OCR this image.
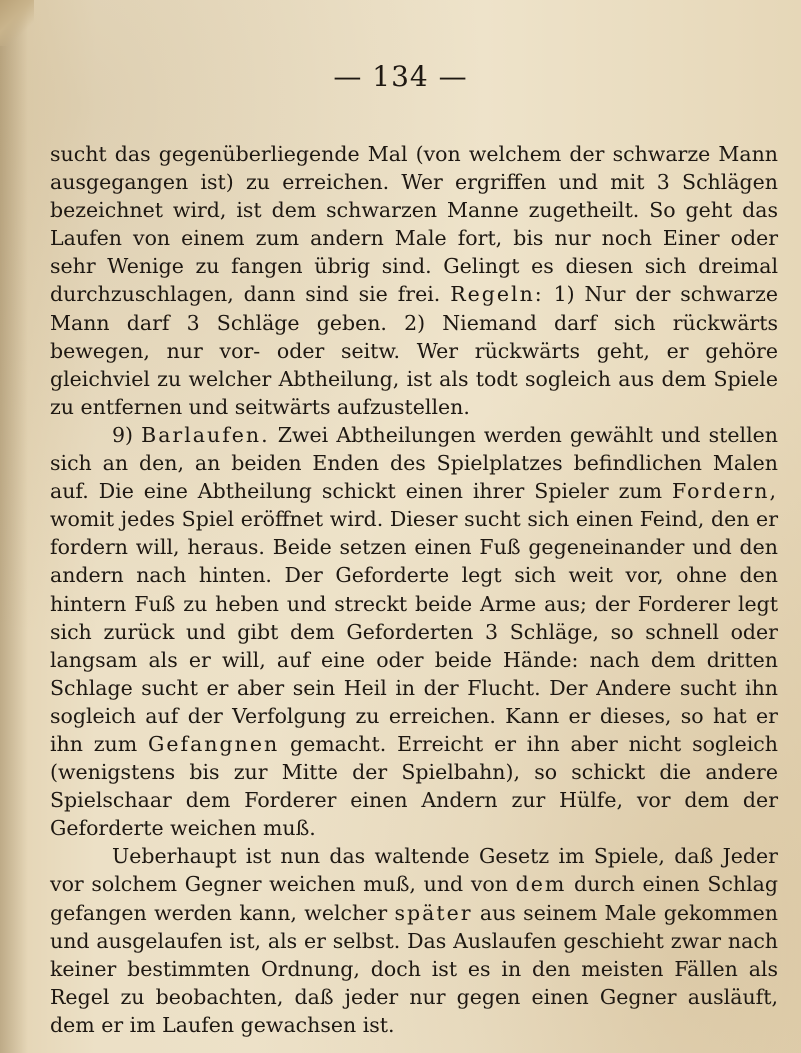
— 134 —

sucht das gegenüberliegende Mal (von welchem der schwarze Mann ausgegangen ist) zu erreichen. Wer ergriffen und mit 3 Schlägen bezeichnet wird, ist dem schwarzen Manne zugetheilt. So geht das Laufen von einem zum andern Male fort, bis nur noch Einer oder sehr Wenige zu fangen übrig sind. Gelingt es diesen sich dreimal durchzuschlagen, dann sind sie frei. Regeln: 1) Nur der schwarze Mann darf 3 Schläge geben. 2) Niemand darf sich rückwärts bewegen, nur vor- oder seitw. Wer rückwärts geht, er gehöre gleichviel zu welcher Abtheilung, ist als todt sogleich aus dem Spiele zu entfernen und seitwärts aufzustellen.

9) Barlaufen. Zwei Abtheilungen werden gewählt und stellen sich an den, an beiden Enden des Spielplatzes befindlichen Malen auf. Die eine Abtheilung schickt einen ihrer Spieler zum Fordern, womit jedes Spiel eröffnet wird. Dieser sucht sich einen Feind, den er fordern will, heraus. Beide setzen einen Fuß gegeneinander und den andern nach hinten. Der Geforderte legt sich weit vor, ohne den hintern Fuß zu heben und streckt beide Arme aus; der Forderer legt sich zurück und gibt dem Geforderten 3 Schläge, so schnell oder langsam als er will, auf eine oder beide Hände: nach dem dritten Schlage sucht er aber sein Heil in der Flucht. Der Andere sucht ihn sogleich auf der Verfolgung zu erreichen. Kann er dieses, so hat er ihn zum Gefangnen gemacht. Erreicht er ihn aber nicht sogleich (wenigstens bis zur Mitte der Spielbahn), so schickt die andere Spielschaar dem Forderer einen Andern zur Hülfe, vor dem der Geforderte weichen muß.

Ueberhaupt ist nun das waltende Gesetz im Spiele, daß Jeder vor solchem Gegner weichen muß, und von dem durch einen Schlag gefangen werden kann, welcher später aus seinem Male gekommen und ausgelaufen ist, als er selbst. Das Auslaufen geschieht zwar nach keiner bestimmten Ordnung, doch ist es in den meisten Fällen als Regel zu beobachten, daß jeder nur gegen einen Gegner ausläuft, dem er im Laufen gewachsen ist.
